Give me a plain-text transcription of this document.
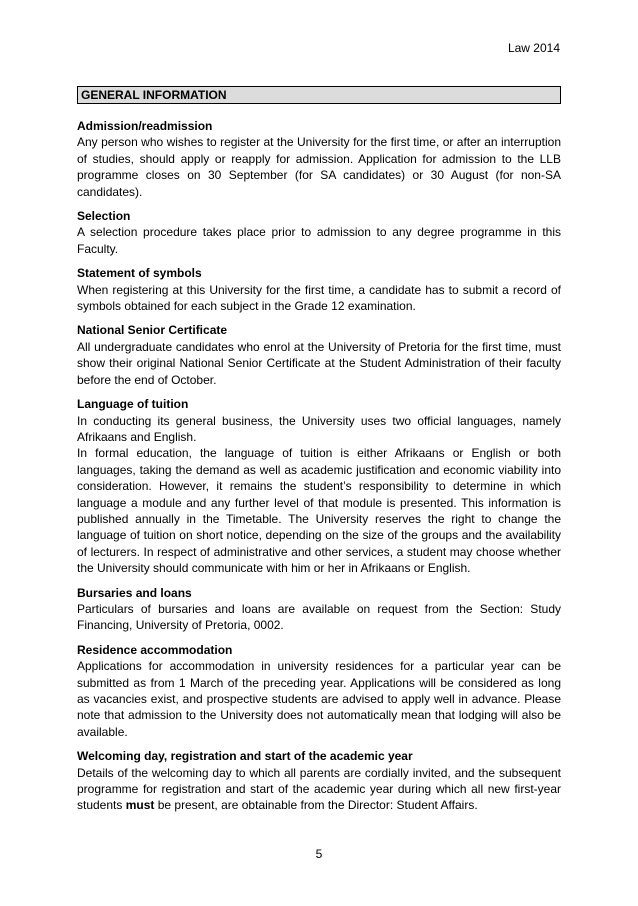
Law 2014
GENERAL INFORMATION
Admission/readmission

Any person who wishes to register at the University for the first time, or after an interruption of studies, should apply or reapply for admission. Application for admission to the LLB programme closes on 30 September (for SA candidates) or 30 August (for non-SA candidates).

Selection

A selection procedure takes place prior to admission to any degree programme in this Faculty.

Statement of symbols

When registering at this University for the first time, a candidate has to submit a record of symbols obtained for each subject in the Grade 12 examination.

National Senior Certificate

All undergraduate candidates who enrol at the University of Pretoria for the first time, must show their original National Senior Certificate at the Student Administration of their faculty before the end of October.

Language of tuition

In conducting its general business, the University uses two official languages, namely Afrikaans and English.

In formal education, the language of tuition is either Afrikaans or English or both languages, taking the demand as well as academic justification and economic viability into consideration. However, it remains the student’s responsibility to determine in which language a module and any further level of that module is presented. This information is published annually in the Timetable. The University reserves the right to change the language of tuition on short notice, depending on the size of the groups and the availability of lecturers. In respect of administrative and other services, a student may choose whether the University should communicate with him or her in Afrikaans or English.

Bursaries and loans

Particulars of bursaries and loans are available on request from the Section: Study Financing, University of Pretoria, 0002.

Residence accommodation

Applications for accommodation in university residences for a particular year can be submitted as from 1 March of the preceding year. Applications will be considered as long as vacancies exist, and prospective students are advised to apply well in advance. Please note that admission to the University does not automatically mean that lodging will also be available.

Welcoming day, registration and start of the academic year

Details of the welcoming day to which all parents are cordially invited, and the subsequent programme for registration and start of the academic year during which all new first-year students must be present, are obtainable from the Director: Student Affairs.

5
